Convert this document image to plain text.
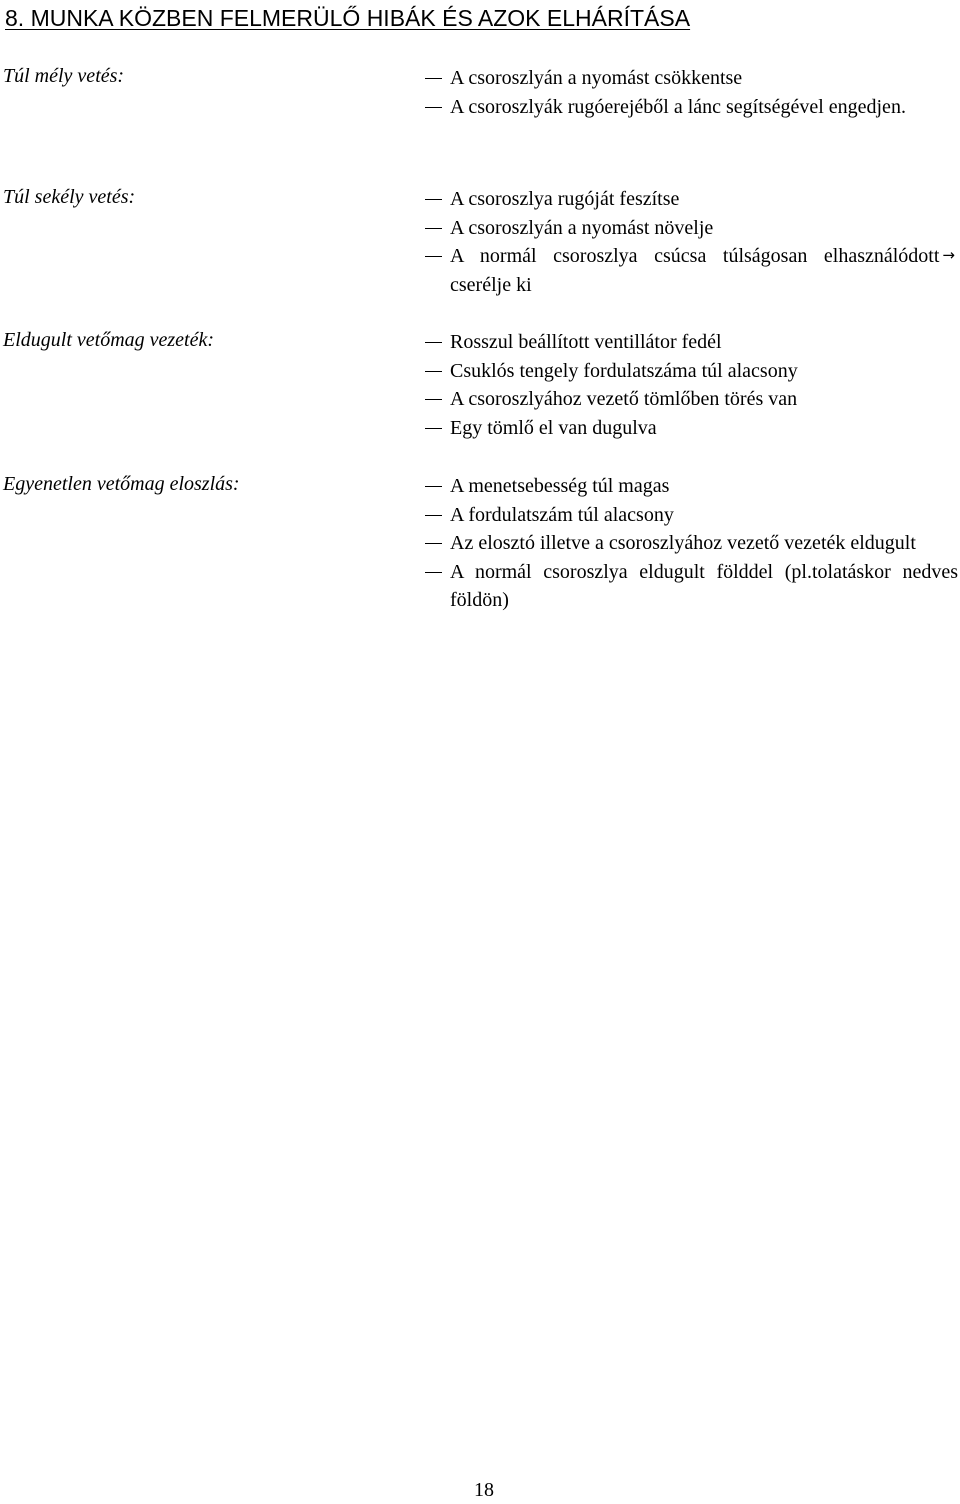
8. MUNKA KÖZBEN FELMERÜLŐ HIBÁK ÉS AZOK ELHÁRÍTÁSA
Túl mély vetés:	A csoroszlyán a nyomást csökkentse
A csoroszlyák rugóerejéből a lánc segítségével engedjen.
Túl sekély vetés:	A csoroszlya rugóját feszítse
A csoroszlyán a nyomást növelje
A normál csoroszlya csúcsa túlságosan elhasználódott →cserélje ki
Eldugult vetőmag vezeték:	Rosszul beállított ventillátor fedél
Csuklós tengely fordulatszáma túl alacsony
A csoroszlyához vezető tömlőben törés van
Egy tömlő el van dugulva
Egyenetlen vetőmag eloszlás:	A menetsebesség túl magas
A fordulatszám túl alacsony
Az elosztó illetve a csoroszlyához vezető vezeték eldugult
A normál csoroszlya eldugult földdel (pl.tolatáskor nedves földön)
18
